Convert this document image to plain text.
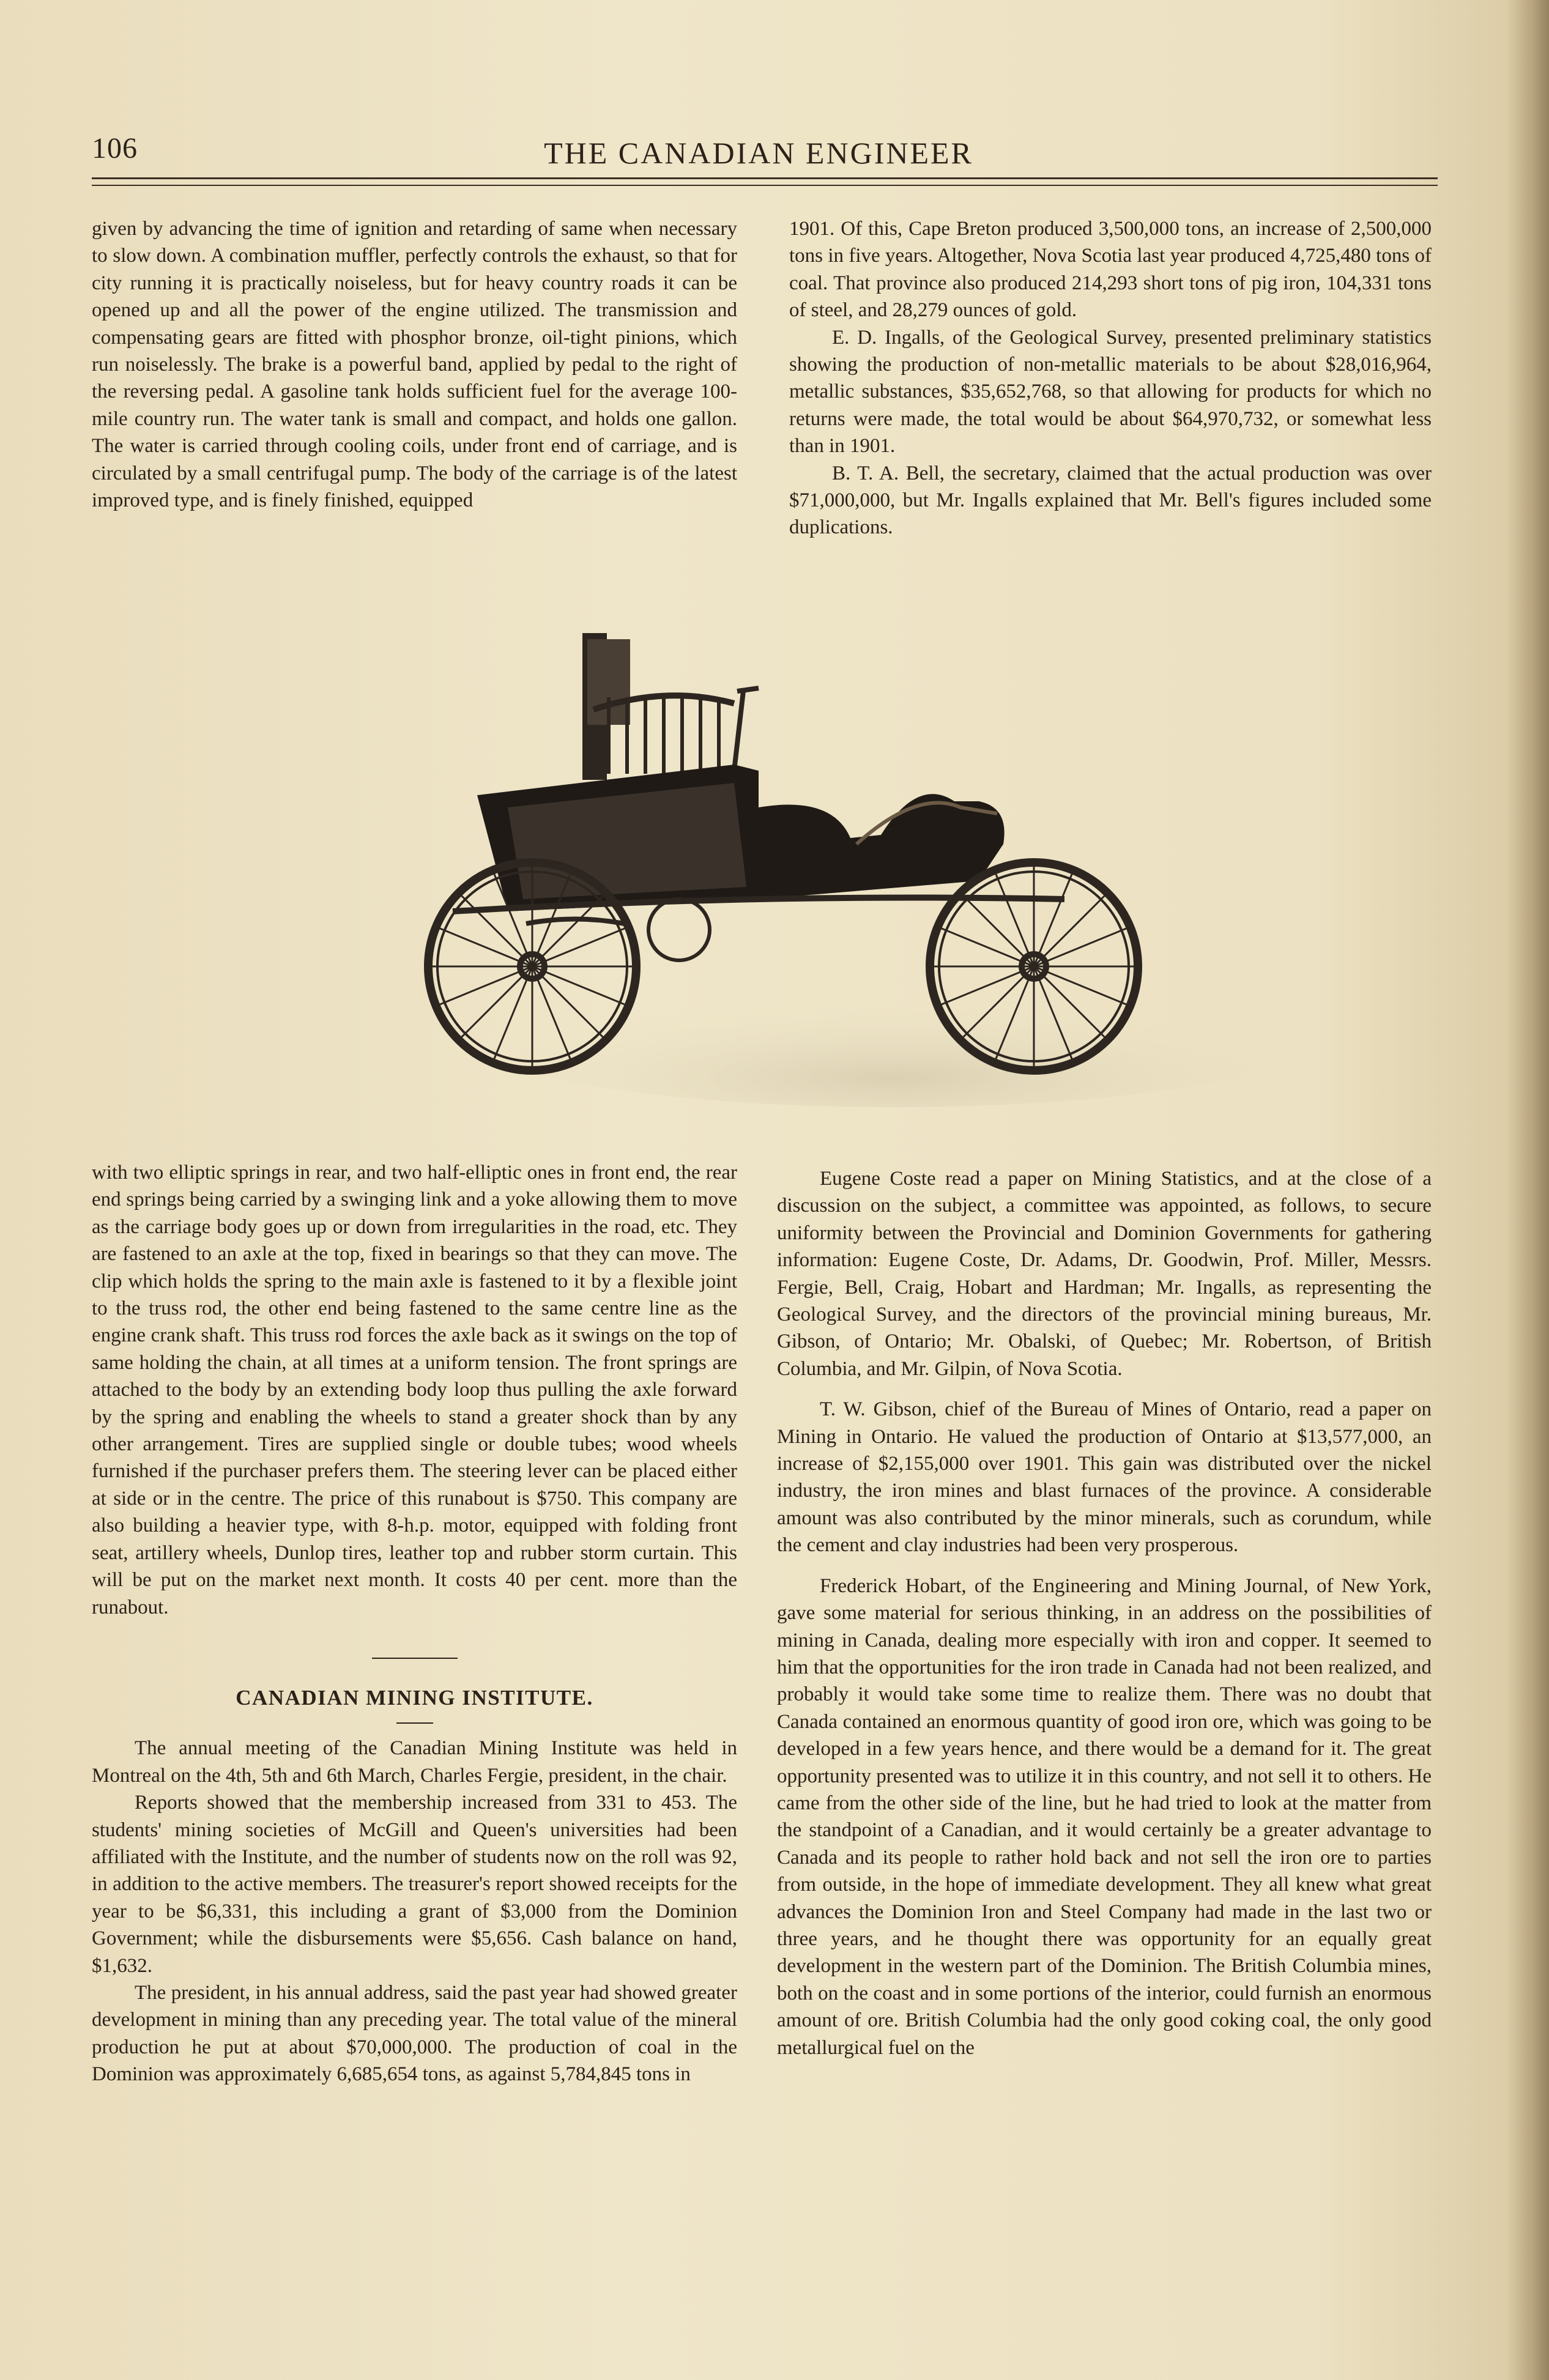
106	THE CANADIAN ENGINEER

given by advancing the time of ignition and retarding of same when necessary to slow down. A combination muffler, perfectly controls the exhaust, so that for city running it is practically noiseless, but for heavy country roads it can be opened up and all the power of the engine utilized. The transmission and compensating gears are fitted with phosphor bronze, oil-tight pinions, which run noiselessly. The brake is a powerful band, applied by pedal to the right of the reversing pedal. A gasoline tank holds sufficient fuel for the average 100-mile country run. The water tank is small and compact, and holds one gallon. The water is carried through cooling coils, under front end of carriage, and is circulated by a small centrifugal pump. The body of the carriage is of the latest improved type, and is finely finished, equipped

1901. Of this, Cape Breton produced 3,500,000 tons, an increase of 2,500,000 tons in five years. Altogether, Nova Scotia last year produced 4,725,480 tons of coal. That province also produced 214,293 short tons of pig iron, 104,331 tons of steel, and 28,279 ounces of gold.

E. D. Ingalls, of the Geological Survey, presented preliminary statistics showing the production of non-metallic materials to be about $28,016,964, metallic substances, $35,652,768, so that allowing for products for which no returns were made, the total would be about $64,970,732, or somewhat less than in 1901.

B. T. A. Bell, the secretary, claimed that the actual production was over $71,000,000, but Mr. Ingalls explained that Mr. Bell's figures included some duplications.

with two elliptic springs in rear, and two half-elliptic ones in front end, the rear end springs being carried by a swinging link and a yoke allowing them to move as the carriage body goes up or down from irregularities in the road, etc. They are fastened to an axle at the top, fixed in bearings so that they can move. The clip which holds the spring to the main axle is fastened to it by a flexible joint to the truss rod, the other end being fastened to the same centre line as the engine crank shaft. This truss rod forces the axle back as it swings on the top of same holding the chain, at all times at a uniform tension. The front springs are attached to the body by an extending body loop thus pulling the axle forward by the spring and enabling the wheels to stand a greater shock than by any other arrangement. Tires are supplied single or double tubes; wood wheels furnished if the purchaser prefers them. The steering lever can be placed either at side or in the centre. The price of this runabout is $750. This company are also building a heavier type, with 8-h.p. motor, equipped with folding front seat, artillery wheels, Dunlop tires, leather top and rubber storm curtain. This will be put on the market next month. It costs 40 per cent. more than the runabout.

CANADIAN MINING INSTITUTE.

The annual meeting of the Canadian Mining Institute was held in Montreal on the 4th, 5th and 6th March, Charles Fergie, president, in the chair.

Reports showed that the membership increased from 331 to 453. The students' mining societies of McGill and Queen's universities had been affiliated with the Institute, and the number of students now on the roll was 92, in addition to the active members. The treasurer's report showed receipts for the year to be $6,331, this including a grant of $3,000 from the Dominion Government; while the disbursements were $5,656. Cash balance on hand, $1,632.

The president, in his annual address, said the past year had showed greater development in mining than any preceding year. The total value of the mineral production he put at about $70,000,000. The production of coal in the Dominion was approximately 6,685,654 tons, as against 5,784,845 tons in

Eugene Coste read a paper on Mining Statistics, and at the close of a discussion on the subject, a committee was appointed, as follows, to secure uniformity between the Provincial and Dominion Governments for gathering information: Eugene Coste, Dr. Adams, Dr. Goodwin, Prof. Miller, Messrs. Fergie, Bell, Craig, Hobart and Hardman; Mr. Ingalls, as representing the Geological Survey, and the directors of the provincial mining bureaus, Mr. Gibson, of Ontario; Mr. Obalski, of Quebec; Mr. Robertson, of British Columbia, and Mr. Gilpin, of Nova Scotia.

T. W. Gibson, chief of the Bureau of Mines of Ontario, read a paper on Mining in Ontario. He valued the production of Ontario at $13,577,000, an increase of $2,155,000 over 1901. This gain was distributed over the nickel industry, the iron mines and blast furnaces of the province. A considerable amount was also contributed by the minor minerals, such as corundum, while the cement and clay industries had been very prosperous.

Frederick Hobart, of the Engineering and Mining Journal, of New York, gave some material for serious thinking, in an address on the possibilities of mining in Canada, dealing more especially with iron and copper. It seemed to him that the opportunities for the iron trade in Canada had not been realized, and probably it would take some time to realize them. There was no doubt that Canada contained an enormous quantity of good iron ore, which was going to be developed in a few years hence, and there would be a demand for it. The great opportunity presented was to utilize it in this country, and not sell it to others. He came from the other side of the line, but he had tried to look at the matter from the standpoint of a Canadian, and it would certainly be a greater advantage to Canada and its people to rather hold back and not sell the iron ore to parties from outside, in the hope of immediate development. They all knew what great advances the Dominion Iron and Steel Company had made in the last two or three years, and he thought there was opportunity for an equally great development in the western part of the Dominion. The British Columbia mines, both on the coast and in some portions of the interior, could furnish an enormous amount of ore. British Columbia had the only good coking coal, the only good metallurgical fuel on the
